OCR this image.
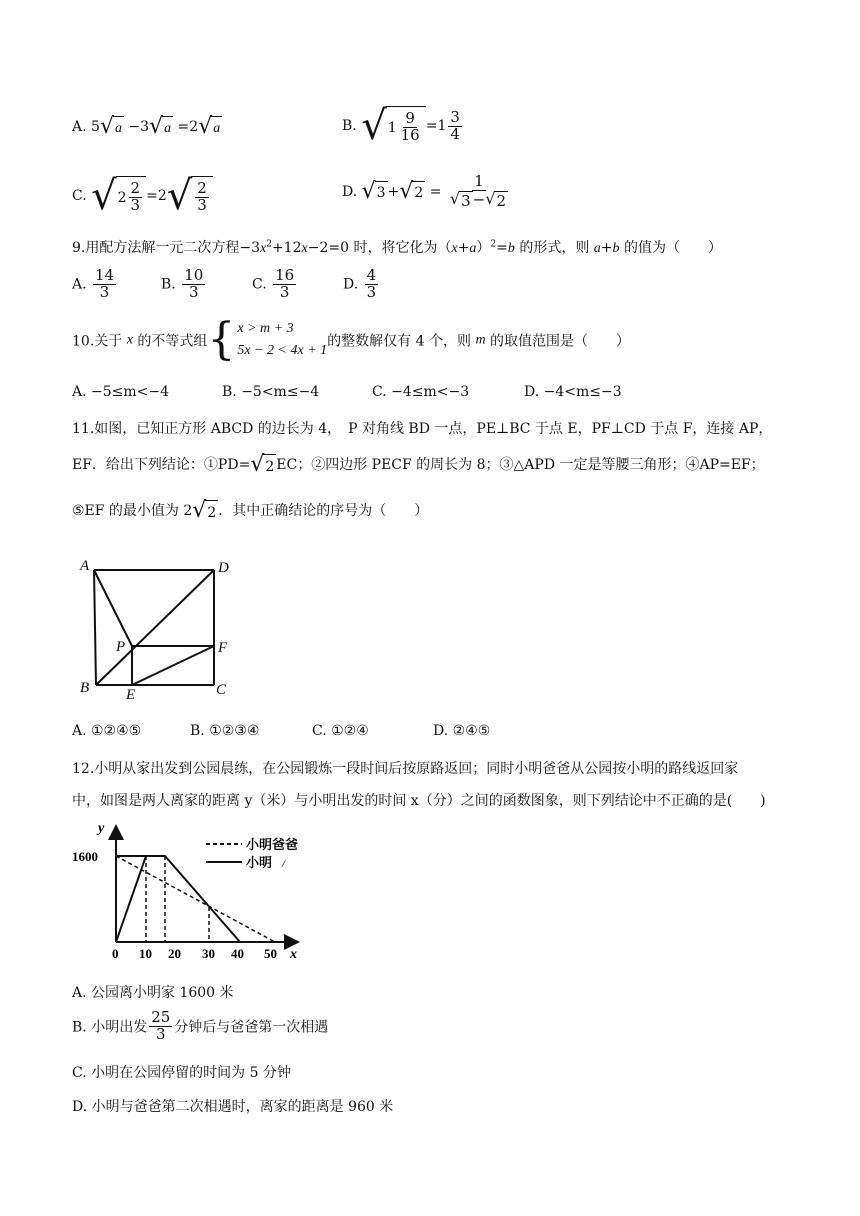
A. 5 √ a −3 √ a =2 √ a	B. √ $1 \frac{9}{16} =1 \frac{3}{4}$
C. √ $2 \frac{2}{3} =2$ √ $\frac{2}{3}$	D. √ 3 + √ $2 = \frac{1}{√ 3 - √ 2}$
9.用配方法解一元二次方程$-3x^2+12x-2=0$ 时，将它化为$(x+a)^2=b$ 的形式，则 a+b 的值为（　　）
A. $\frac{14}{3}$	B. $\frac{10}{3}$	C. $\frac{16}{3}$	D. $\frac{4}{3}$
10.关于 x 的不等式组 { x > m + 3
5x − 2 < 4x + 1
的整数解仅有 4 个，则 m 的取值范围是（　　）
A. −5≤m<−4	B. −5<m≤−4	C. −4≤m<−3	D. −4<m≤−3
11.如图，已知正方形 ABCD 的边长为 4，　P 对角线 BD 一点，PE⊥BC 于点 E，PF⊥CD 于点 F，连接 AP，
EF．给出下列结论：①PD= √ 2 EC；②四边形 PECF 的周长为 8；③△APD 一定是等腰三角形；④AP=EF；
⑤EF 的最小值为 2 √ 2 ．其中正确结论的序号为（　　）
A	D
P	F
B E	C
A. ①②④⑤	B. ①②③④	C. ①②④	D. ②④⑤
12.小明从家出发到公园晨练，在公园锻炼一段时间后按原路返回；同时小明爸爸从公园按小明的路线返回家
中，如图是两人离家的距离 y（米）与小明出发的时间 x（分）之间的函数图象，则下列结论中不正确的是(　　)
y
x
1600
0 10 20 30 40 50
小明爸爸
小明 /
A. 公园离小明家 1600 米
B. 小明出发 $\frac{25}{3}$ 分钟后与爸爸第一次相遇
C. 小明在公园停留的时间为 5 分钟
D. 小明与爸爸第二次相遇时，离家的距离是 960 米
